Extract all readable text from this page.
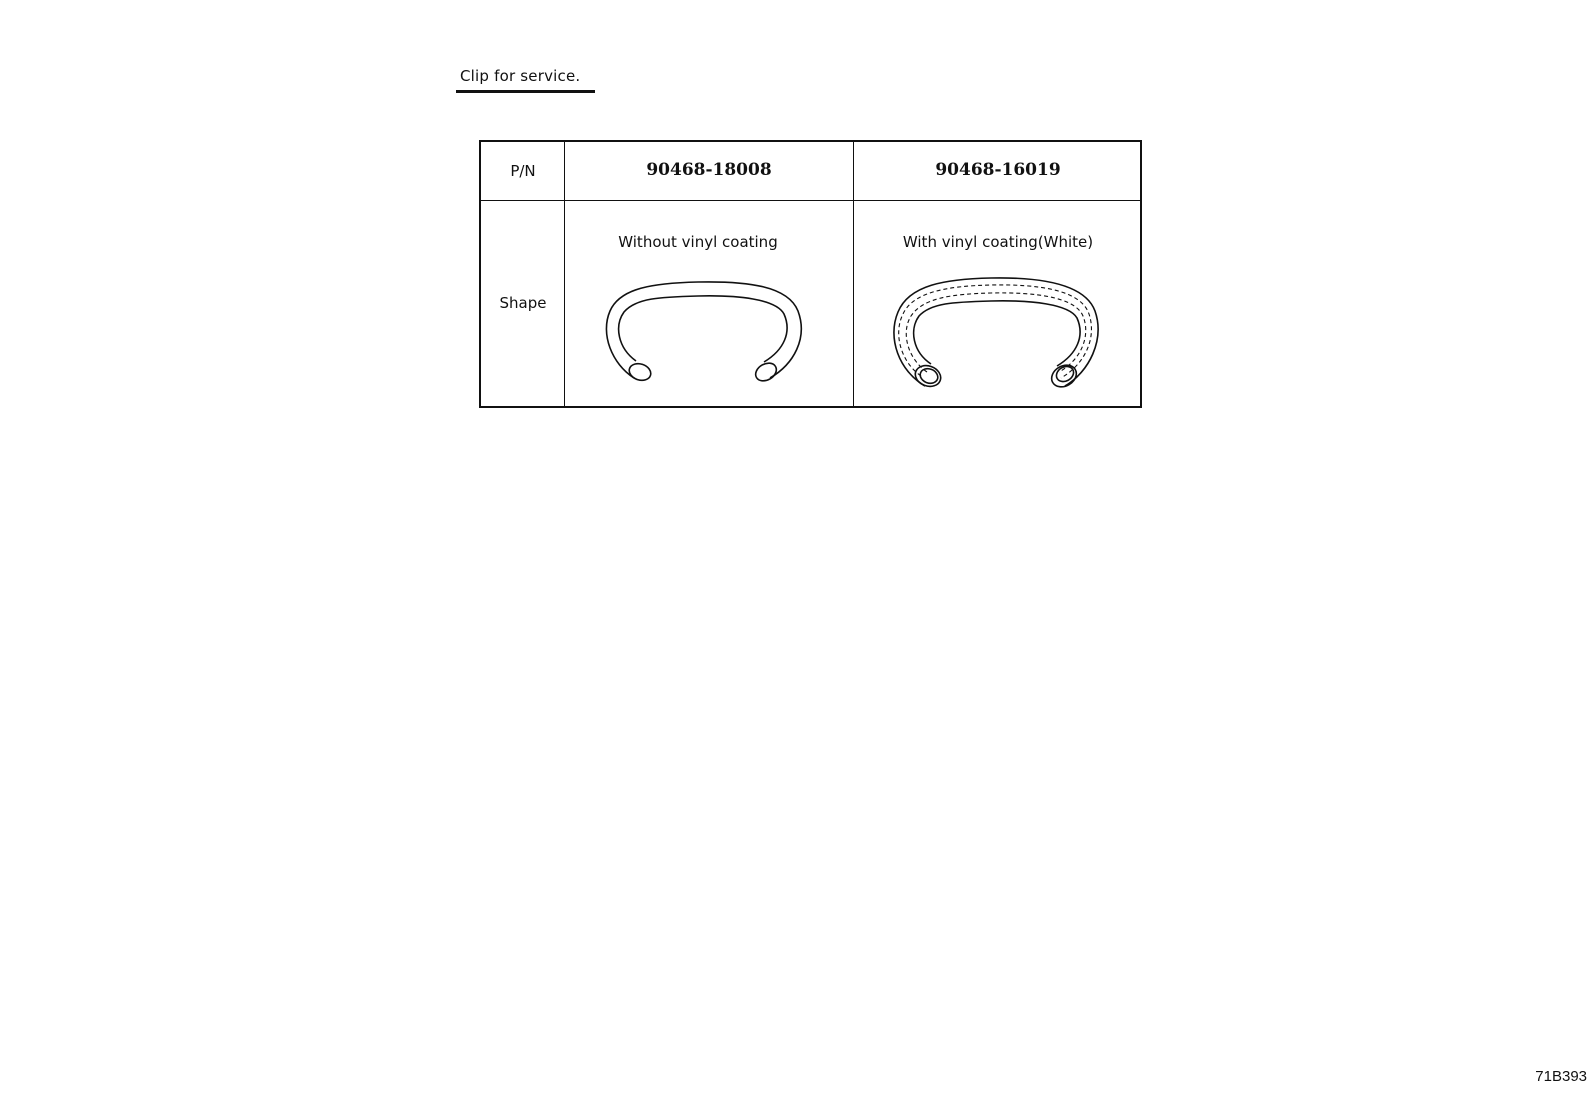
Clip for service.
P/N
Shape
90468-18008	90468-16019
Without vinyl coating	With vinyl coating(White)
71B393
